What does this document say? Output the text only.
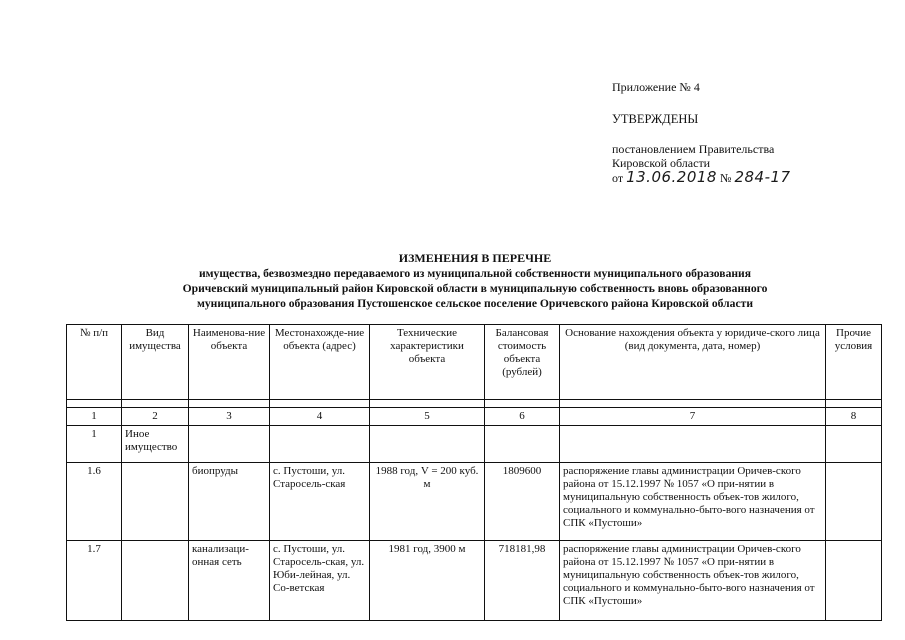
Приложение № 4
УТВЕРЖДЕНЫ
постановлением Правительства
Кировской области
от 13.06.2018 № 284-17
ИЗМЕНЕНИЯ В ПЕРЕЧНЕ
имущества, безвозмездно передаваемого из муниципальной собственности муниципального образования
Оричевский муниципальный район Кировской области в муниципальную собственность вновь образованного
муниципального образования Пустошенское сельское поселение Оричевского района Кировской области
№ п/п	Вид имущества	Наименова-ние объекта	Местонахожде-ние объекта (адрес)	Технические характеристики объекта	Балансовая стоимость объекта (рублей)	Основание нахождения объекта у юридиче-ского лица (вид документа, дата, номер)	Прочие условия

1	2	3	4	5	6	7	8
1	Иное имущество						
1.6		биопруды	с. Пустоши, ул. Старосель-ская	1988 год, V = 200 куб. м	1809600	распоряжение главы администрации Оричев-ского района от 15.12.1997 № 1057 «О при-нятии в муниципальную собственность объек-тов жилого, социального и коммунально-быто-вого назначения от СПК «Пустоши»	
1.7		канализаци-онная сеть	с. Пустоши, ул. Старосель-ская, ул. Юби-лейная, ул. Со-ветская	1981 год, 3900 м	718181,98	распоряжение главы администрации Оричев-ского района от 15.12.1997 № 1057 «О при-нятии в муниципальную собственность объек-тов жилого, социального и коммунально-быто-вого назначения от СПК «Пустоши»	
